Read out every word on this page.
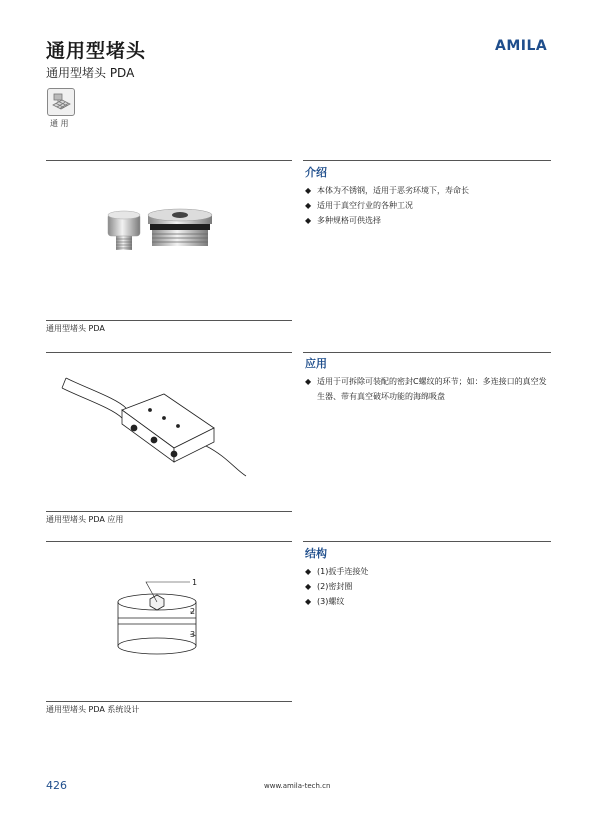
通用型堵头
通用型堵头 PDA
AMILA
通 用
通用型堵头 PDA
介绍
◆ 本体为不锈钢，适用于恶劣环境下，寿命长
◆ 适用于真空行业的各种工况
◆ 多种规格可供选择
通用型堵头 PDA 应用
应用
◆ 适用于可拆除可装配的密封C螺纹的环节；如：多连接口的真空发生器、带有真空破坏功能的海绵吸盘
1
2
3
通用型堵头 PDA 系统设计
结构
◆ (1)扳手连接处
◆ (2)密封圈
◆ (3)螺纹
426	www.amila-tech.cn
